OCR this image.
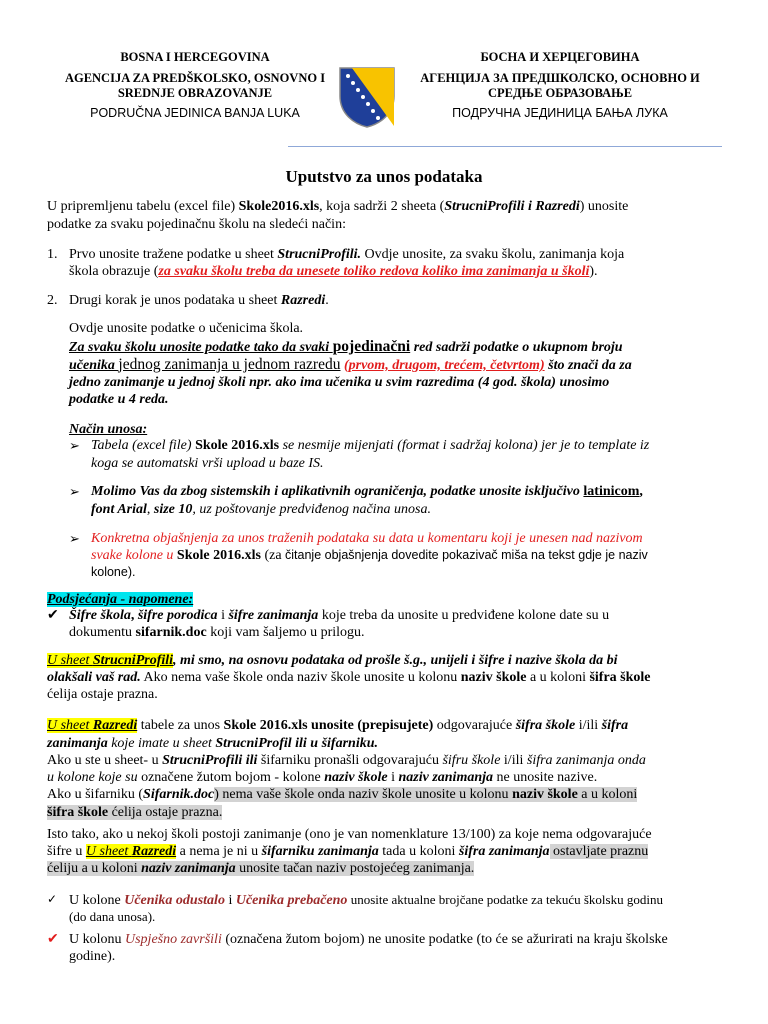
BOSNA I HERCEGOVINA
AGENCIJA ZA PREDŠKOLSKO, OSNOVNO I
SREDNJE OBRAZOVANJE
PODRUČNA JEDINICA BANJA LUKA
БОСНА И ХЕРЦЕГОВИНА
АГЕНЦИЈА ЗА ПРЕДШКОЛСКО, ОСНОВНО И
СРЕДЊЕ ОБРАЗОВАЊЕ
ПОДРУЧНА ЈЕДИНИЦА БАЊА ЛУКА
Uputstvo za unos podataka
U pripremljenu tabelu (excel file) Skole2016.xls, koja sadrži 2 sheeta (StrucniProfili i Razredi) unosite
podatke za svaku pojedinačnu školu na sledeći način:
1. Prvo unosite tražene podatke u sheet StrucniProfili. Ovdje unosite, za svaku školu, zanimanja koja
škola obrazuje (za svaku školu treba da unesete toliko redova koliko ima zanimanja u školi).
2. Drugi korak je unos podataka u sheet Razredi.
Ovdje unosite podatke o učenicima škola.
Za svaku školu unosite podatke tako da svaki pojedinačni red sadrži podatke o ukupnom broju
učenika jednog zanimanja u jednom razredu (prvom, drugom, trećem, četvrtom) što znači da za
jedno zanimanje u jednoj školi npr. ako ima učenika u svim razredima (4 god. škola) unosimo
podatke u 4 reda.
Način unosa:
➢ Tabela (excel file) Skole 2016.xls se nesmije mijenjati (format i sadržaj kolona) jer je to template iz
koga se automatski vrši upload u baze IS.
➢ Molimo Vas da zbog sistemskih i aplikativnih ograničenja, podatke unosite isključivo latinicom,
font Arial, size 10, uz poštovanje predviđenog načina unosa.
➢ Konkretna objašnjenja za unos traženih podataka su data u komentaru koji je unesen nad nazivom
svake kolone u Skole 2016.xls (za čitanje objašnjenja dovedite pokazivač miša na tekst gdje je naziv
kolone).
Podsjećanja - napomene:
✔ Šifre škola, šifre porodica i šifre zanimanja koje treba da unosite u predviđene kolone date su u
dokumentu sifarnik.doc koji vam šaljemo u prilogu.
U sheet StrucniProfili, mi smo, na osnovu podataka od prošle š.g., unijeli i šifre i nazive škola da bi
olakšali vaš rad. Ako nema vaše škole onda naziv škole unosite u kolonu naziv škole a u koloni šifra škole
ćelija ostaje prazna.
U sheet Razredi tabele za unos Skole 2016.xls unosite (prepisujete) odgovarajuće šifra škole i/ili šifra
zanimanja koje imate u sheet StrucniProfil ili u šifarniku.
Ako u ste u sheet- u StrucniProfili ili šifarniku pronašli odgovarajuću šifru škole i/ili šifra zanimanja onda
u kolone koje su označene žutom bojom - kolone naziv škole i naziv zanimanja ne unosite nazive.
Ako u šifarniku (Sifarnik.doc) nema vaše škole onda naziv škole unosite u kolonu naziv škole a u koloni
šifra škole ćelija ostaje prazna.
Isto tako, ako u nekoj školi postoji zanimanje (ono je van nomenklature 13/100) za koje nema odgovarajuće
šifre u U sheet Razredi a nema je ni u šifarniku zanimanja tada u koloni šifra zanimanja ostavljate praznu
ćeliju a u koloni naziv zanimanja unosite tačan naziv postojećeg zanimanja.
✓ U kolone Učenika odustalo i Učenika prebačeno unosite aktualne brojčane podatke za tekuću školsku godinu
(do dana unosa).
✔ U kolonu Uspješno završili (označena žutom bojom) ne unosite podatke (to će se ažurirati na kraju školske
godine).
